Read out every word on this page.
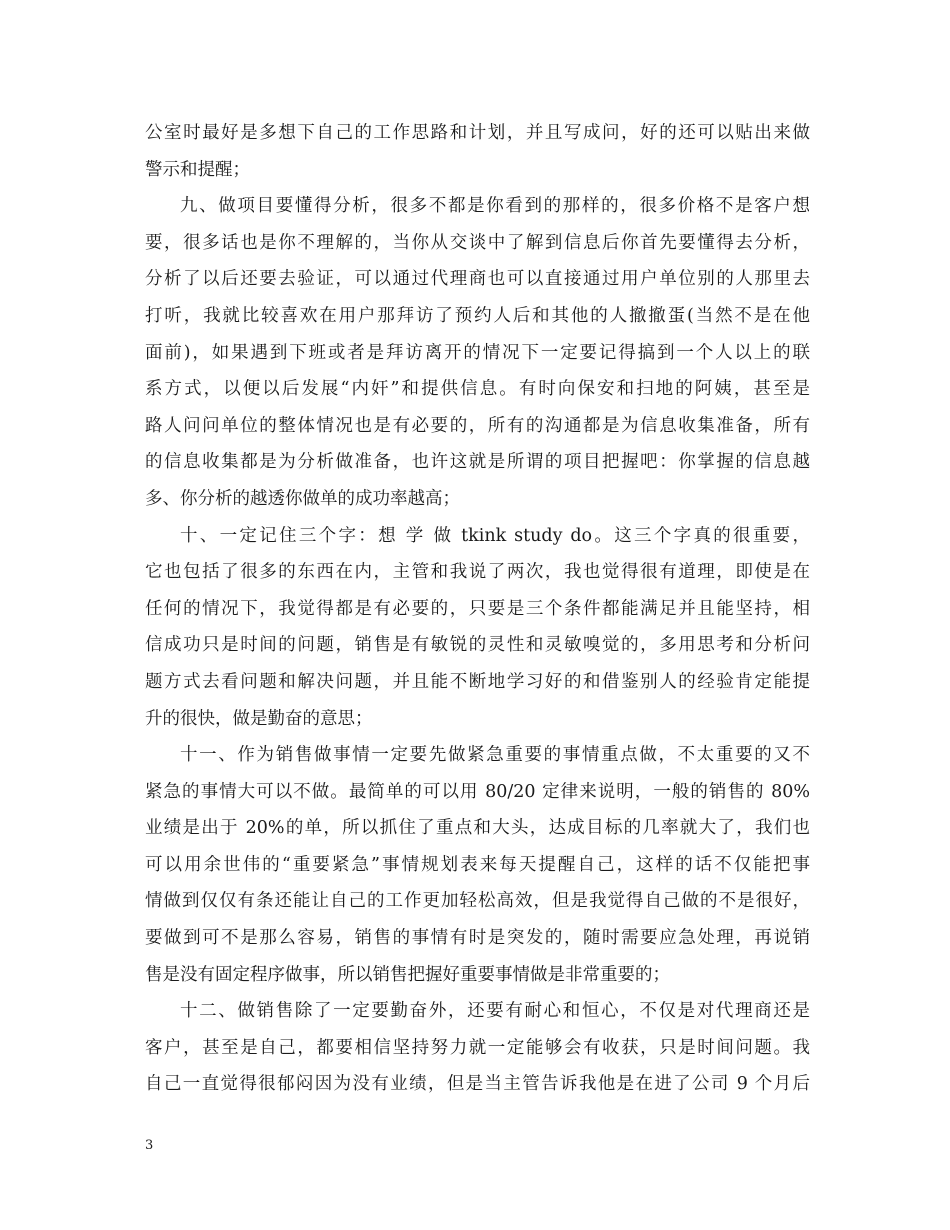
公室时最好是多想下自己的工作思路和计划，并且写成问，好的还可以贴出来做
警示和提醒；
九、做项目要懂得分析，很多不都是你看到的那样的，很多价格不是客户想
要，很多话也是你不理解的，当你从交谈中了解到信息后你首先要懂得去分析，
分析了以后还要去验证，可以通过代理商也可以直接通过用户单位别的人那里去
打听，我就比较喜欢在用户那拜访了预约人后和其他的人撤撤蛋(当然不是在他
面前)，如果遇到下班或者是拜访离开的情况下一定要记得搞到一个人以上的联
系方式，以便以后发展“内奸”和提供信息。有时向保安和扫地的阿姨，甚至是
路人问问单位的整体情况也是有必要的，所有的沟通都是为信息收集准备，所有
的信息收集都是为分析做准备，也许这就是所谓的项目把握吧：你掌握的信息越
多、你分析的越透你做单的成功率越高；
十、一定记住三个字：想 学 做 tkink study do。这三个字真的很重要，
它也包括了很多的东西在内，主管和我说了两次，我也觉得很有道理，即使是在
任何的情况下，我觉得都是有必要的，只要是三个条件都能满足并且能坚持，相
信成功只是时间的问题，销售是有敏锐的灵性和灵敏嗅觉的，多用思考和分析问
题方式去看问题和解决问题，并且能不断地学习好的和借鉴别人的经验肯定能提
升的很快，做是勤奋的意思；
十一、作为销售做事情一定要先做紧急重要的事情重点做，不太重要的又不
紧急的事情大可以不做。最简单的可以用 80/20 定律来说明，一般的销售的 80%
业绩是出于 20%的单，所以抓住了重点和大头，达成目标的几率就大了，我们也
可以用余世伟的“重要紧急”事情规划表来每天提醒自己，这样的话不仅能把事
情做到仅仅有条还能让自己的工作更加轻松高效，但是我觉得自己做的不是很好，
要做到可不是那么容易，销售的事情有时是突发的，随时需要应急处理，再说销
售是没有固定程序做事，所以销售把握好重要事情做是非常重要的；
十二、做销售除了一定要勤奋外，还要有耐心和恒心，不仅是对代理商还是
客户，甚至是自己，都要相信坚持努力就一定能够会有收获，只是时间问题。我
自己一直觉得很郁闷因为没有业绩，但是当主管告诉我他是在进了公司 9 个月后
3
